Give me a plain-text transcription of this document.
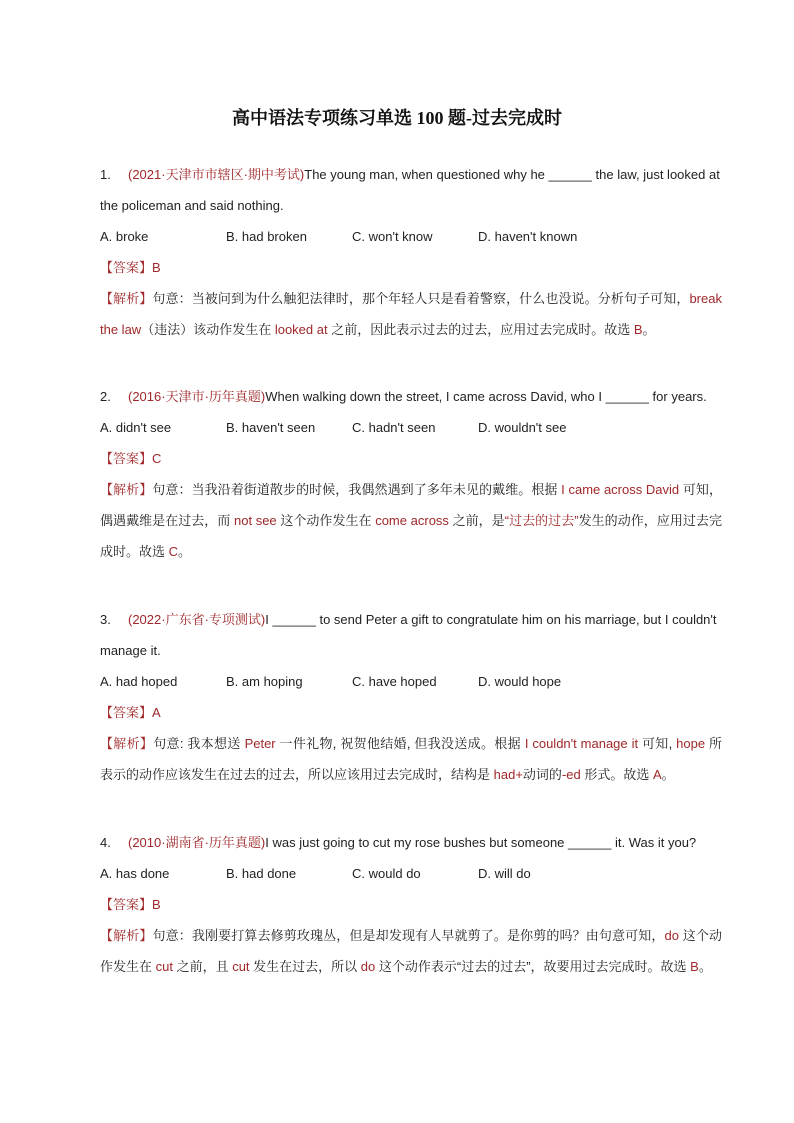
高中语法专项练习单选 100 题-过去完成时

1. (2021·天津市市辖区·期中考试)The young man, when questioned why he ______ the law, just looked at the policeman and said nothing.

A. broke	B. had broken	C. won't know	D. haven't known
【答案】B
【解析】句意：当被问到为什么触犯法律时，那个年轻人只是看着警察，什么也没说。分析句子可知，break the law（违法）该动作发生在 looked at 之前，因此表示过去的过去，应用过去完成时。故选 B。

2. (2016·天津市·历年真题)When walking down the street, I came across David, who I ______ for years.

A. didn't see	B. haven't seen	C. hadn't seen	D. wouldn't see
【答案】C
【解析】句意：当我沿着街道散步的时候，我偶然遇到了多年未见的戴维。根据 I came across David 可知，偶遇戴维是在过去，而 not see 这个动作发生在 come across 之前，是“过去的过去”发生的动作，应用过去完成时。故选 C。

3. (2022·广东省·专项测试)I ______ to send Peter a gift to congratulate him on his marriage, but I couldn't manage it.

A. had hoped	B. am hoping	C. have hoped	D. would hope
【答案】A
【解析】句意: 我本想送 Peter 一件礼物, 祝贺他结婚, 但我没送成。根据 I couldn't manage it 可知, hope 所表示的动作应该发生在过去的过去，所以应该用过去完成时，结构是 had+动词的-ed 形式。故选 A。

4. (2010·湖南省·历年真题)I was just going to cut my rose bushes but someone ______ it. Was it you?

A. has done	B. had done	C. would do	D. will do
【答案】B
【解析】句意：我刚要打算去修剪玫瑰丛，但是却发现有人早就剪了。是你剪的吗？由句意可知，do 这个动作发生在 cut 之前，且 cut 发生在过去，所以 do 这个动作表示“过去的过去”，故要用过去完成时。故选 B。
